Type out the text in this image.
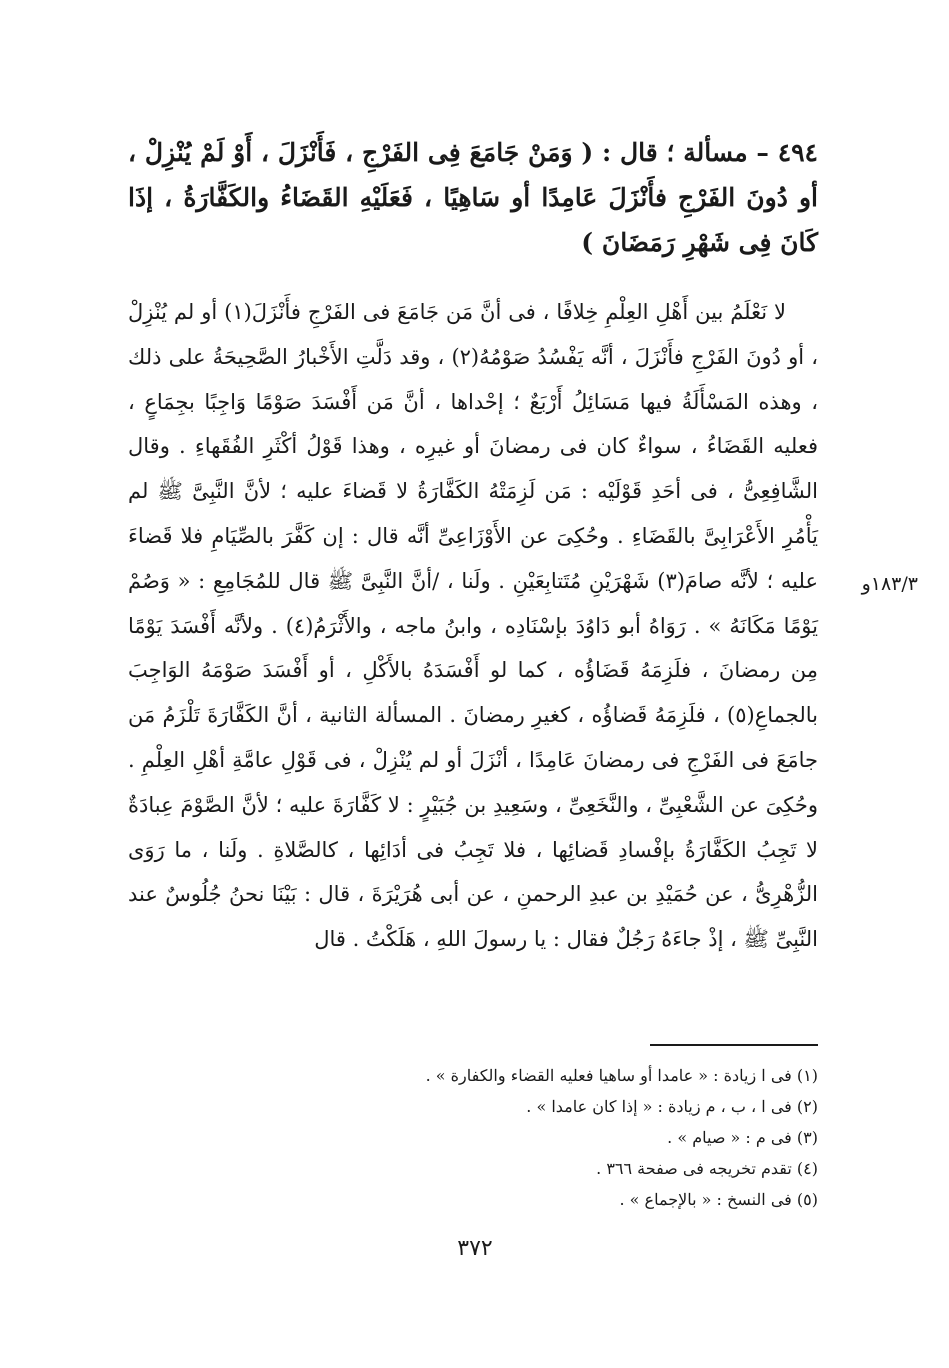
٤٩٤ – مسألة ؛ قال : ( وَمَنْ جَامَعَ فِى الفَرْجِ ، فَأَنْزَلَ ، أَوْ لَمْ يُنْزِلْ ، أو دُونَ الفَرْجِ فأَنْزَلَ عَامِدًا أو سَاهِيًا ، فَعَلَيْهِ القَضَاءُ والكَفَّارَةُ ، إذَا كَانَ فِى شَهْرِ رَمَضَانَ )

لا نَعْلَمُ بين أَهْلِ العِلْمِ خِلافًا ، فى أنَّ مَن جَامَعَ فى الفَرْجِ فأَنْزَلَ(١) أو لم يُنْزِلْ ، أو دُونَ الفَرْجِ فأَنْزَلَ ، أنَّه يَفْسُدُ صَوْمُهُ(٢) ، وقد دَلَّتِ الأَخْبارُ الصَّحِيحَةُ على ذلك ، وهذه المَسْأَلَةُ فيها مَسَائِلُ أَرْبَعٌ ؛ إحْداها ، أنَّ مَن أَفْسَدَ صَوْمًا وَاجِبًا بجِمَاعٍ ، فعليه القَضَاءُ ، سواءٌ كان فى رمضانَ أو غيرِه ، وهذا قَوْلُ أكْثَرِ الفُقَهاءِ . وقال الشَّافِعِىُّ ، فى أحَدِ قَوْلَيْه : مَن لَزِمَتْهُ الكَفَّارَةُ لا قَضاءَ عليه ؛ لأنَّ النَّبِىَّ ﷺ لم يَأْمُرِ الأَعْرَابِىَّ بالقَضَاءِ . وحُكِىَ عن الأَوْزَاعِىِّ أنَّه قال : إن كَفَّرَ بالصِّيَامِ فلا قَضاءَ عليه ؛ لأنَّه صامَ(٣) شَهْرَيْنِ مُتَتابِعَيْنِ . ولَنا ، /أنَّ النَّبِىَّ ﷺ قال للمُجَامِعِ : « وَصُمْ يَوْمًا مَكَانَهُ » . رَوَاهُ أبو دَاوُدَ بإسْنَادِه ، وابنُ ماجه ، والأَثْرَمُ(٤) . ولأنَّه أَفْسَدَ يَوْمًا مِن رمضانَ ، فلَزِمَهُ قَضَاؤُه ، كما لو أَفْسَدَهُ بالأَكْلِ ، أو أَفْسَدَ صَوْمَهُ الوَاجِبَ بالجماعِ(٥) ، فلَزِمَهُ قَضاؤُه ، كغيرِ رمضانَ . المسألة الثانية ، أنَّ الكَفَّارَةَ تَلْزَمُ مَن جامَعَ فى الفَرْجِ فى رمضانَ عَامِدًا ، أنْزَلَ أو لم يُنْزِلْ ، فى قَوْلِ عامَّةِ أهْلِ العِلْمِ . وحُكِىَ عن الشَّعْبِىِّ ، والنَّخَعِىِّ ، وسَعِيدِ بن جُبَيْرٍ : لا كَفَّارَةَ عليه ؛ لأنَّ الصَّوْمَ عِبادَةٌ لا تَجِبُ الكَفَّارَةُ بإفْسادِ قَضائِها ، فلا تَجِبُ فى أدَائِها ، كالصَّلاةِ . ولَنا ، ما رَوَى الزُّهْرِىُّ ، عن حُمَيْدِ بن عبدِ الرحمنِ ، عن أبى هُرَيْرَةَ ، قال : بَيْنَا نحنُ جُلُوسٌ عند النَّبِىِّ ﷺ ، إذْ جاءَهُ رَجُلٌ فقال : يا رسولَ اللهِ ، هَلَكْتُ . قال

١٨٣/٣و
(١) فى ا زيادة : « عامدا أو ساهيا فعليه القضاء والكفارة » .
(٢) فى ا ، ب ، م زيادة : « إذا كان عامدا » .
(٣) فى م : « صيام » .
(٤) تقدم تخريجه فى صفحة ٣٦٦ .
(٥) فى النسخ : « بالإجماع » .
٣٧٢
